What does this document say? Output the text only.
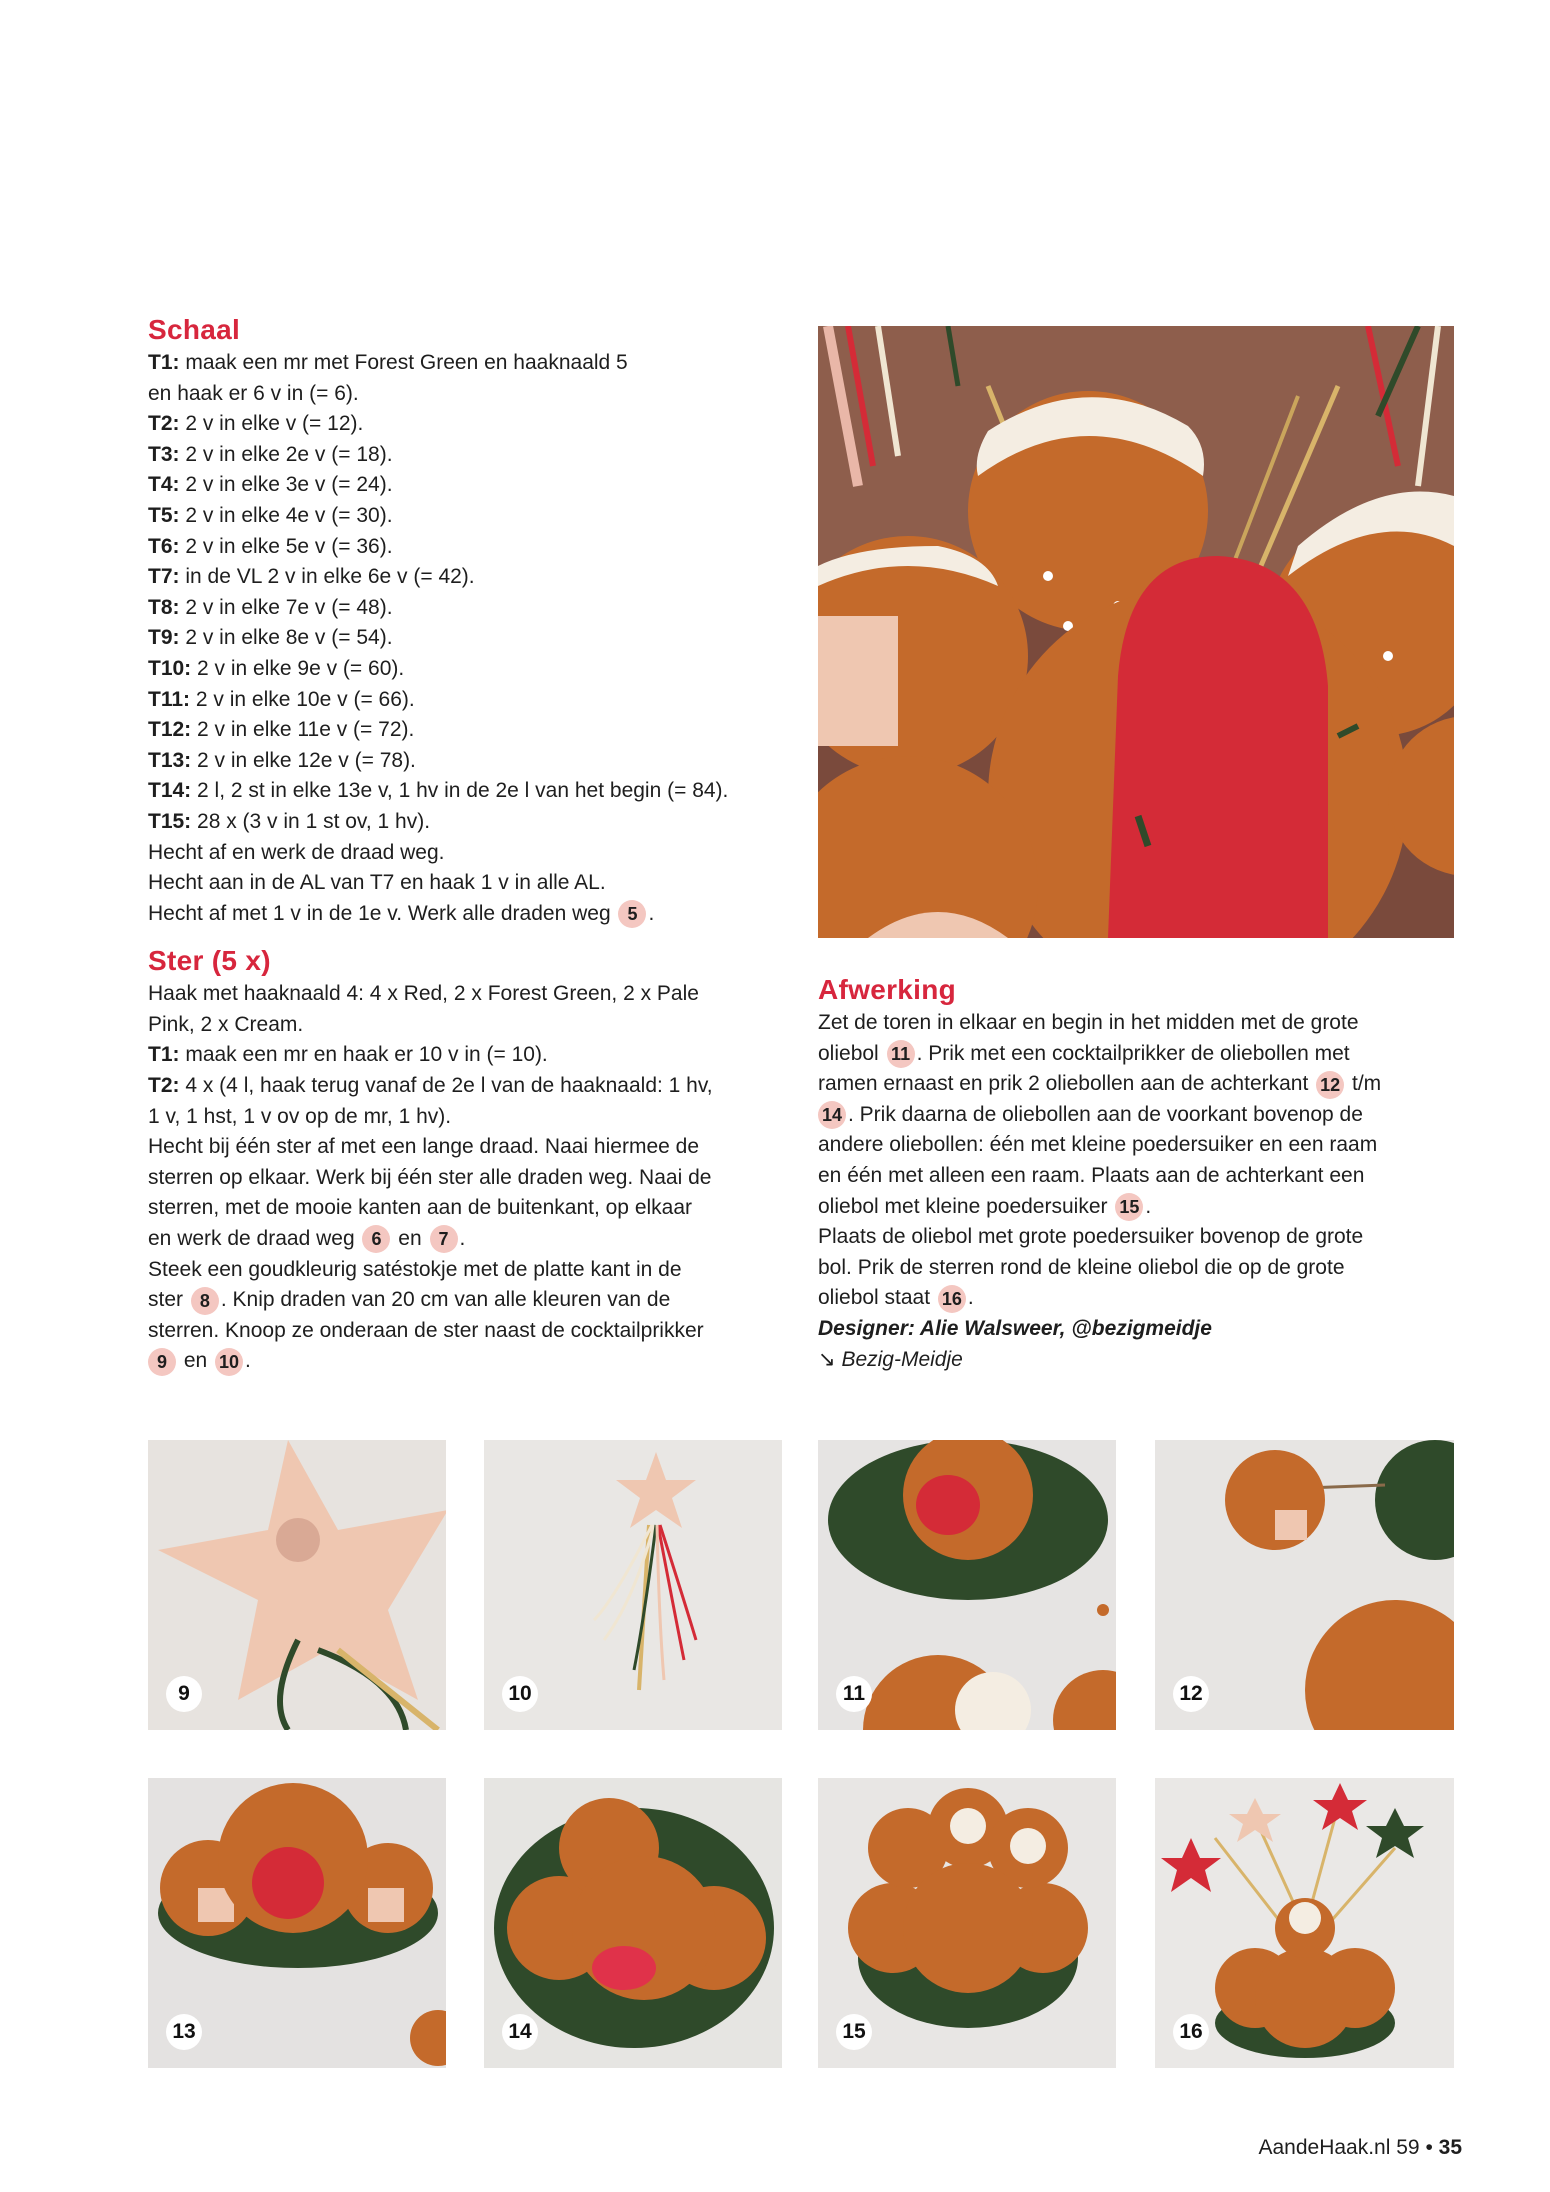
Schaal
T1: maak een mr met Forest Green en haaknaald 5
en haak er 6 v in (= 6).
T2: 2 v in elke v (= 12).
T3: 2 v in elke 2e v (= 18).
T4: 2 v in elke 3e v (= 24).
T5: 2 v in elke 4e v (= 30).
T6: 2 v in elke 5e v (= 36).
T7: in de VL 2 v in elke 6e v (= 42).
T8: 2 v in elke 7e v (= 48).
T9: 2 v in elke 8e v (= 54).
T10: 2 v in elke 9e v (= 60).
T11: 2 v in elke 10e v (= 66).
T12: 2 v in elke 11e v (= 72).
T13: 2 v in elke 12e v (= 78).
T14: 2 l, 2 st in elke 13e v, 1 hv in de 2e l van het begin (= 84).
T15: 28 x (3 v in 1 st ov, 1 hv).
Hecht af en werk de draad weg.
Hecht aan in de AL van T7 en haak 1 v in alle AL.
Hecht af met 1 v in de 1e v. Werk alle draden weg 5 .
Ster (5 x)
Haak met haaknaald 4: 4 x Red, 2 x Forest Green, 2 x Pale
Pink, 2 x Cream.
T1: maak een mr en haak er 10 v in (= 10).
T2: 4 x (4 l, haak terug vanaf de 2e l van de haaknaald: 1 hv,
1 v, 1 hst, 1 v ov op de mr, 1 hv).
Hecht bij één ster af met een lange draad. Naai hiermee de
sterren op elkaar. Werk bij één ster alle draden weg. Naai de
sterren, met de mooie kanten aan de buitenkant, op elkaar
en werk de draad weg 6 en 7 .
Steek een goudkleurig satéstokje met de platte kant in de
ster 8 . Knip draden van 20 cm van alle kleuren van de
sterren. Knoop ze onderaan de ster naast de cocktailprikker
9 en 10 .
Afwerking
Zet de toren in elkaar en begin in het midden met de grote
oliebol 11 . Prik met een cocktailprikker de oliebollen met
ramen ernaast en prik 2 oliebollen aan de achterkant 12 t/m
14 . Prik daarna de oliebollen aan de voorkant bovenop de
andere oliebollen: één met kleine poedersuiker en een raam
en één met alleen een raam. Plaats aan de achterkant een
oliebol met kleine poedersuiker 15 .
Plaats de oliebol met grote poedersuiker bovenop de grote
bol. Prik de sterren rond de kleine oliebol die op de grote
oliebol staat 16 .
Designer: Alie Walsweer, @bezigmeidje
↘ Bezig-Meidje
9	10	11	12
13	14	15	16
AandeHaak.nl 59 • 35
